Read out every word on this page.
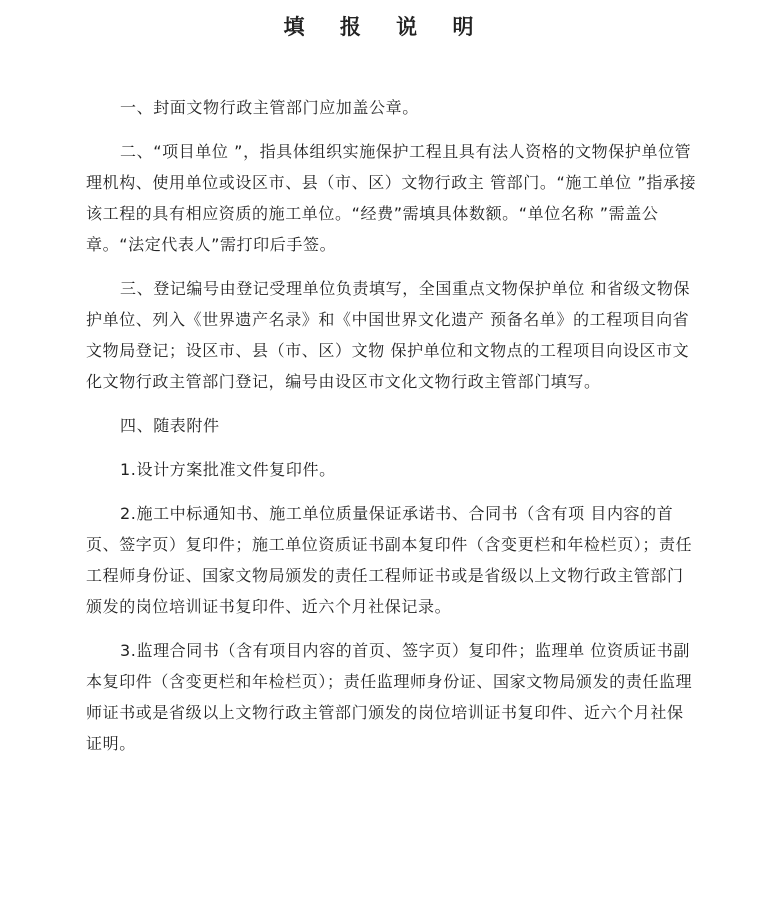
填 报 说 明

一、封面文物行政主管部门应加盖公章。

二、“项目单位 ”，指具体组织实施保护工程且具有法人资格的文物保护单位管理机构、使用单位或设区市、县（市、区）文物行政主 管部门。“施工单位 ”指承接该工程的具有相应资质的施工单位。“经费”需填具体数额。“单位名称 ”需盖公章。“法定代表人”需打印后手签。

三、登记编号由登记受理单位负责填写，全国重点文物保护单位 和省级文物保护单位、列入《世界遗产名录》和《中国世界文化遗产 预备名单》的工程项目向省文物局登记；设区市、县（市、区）文物 保护单位和文物点的工程项目向设区市文化文物行政主管部门登记，编号由设区市文化文物行政主管部门填写。

四、随表附件

1.设计方案批准文件复印件。

2.施工中标通知书、施工单位质量保证承诺书、合同书（含有项 目内容的首页、签字页）复印件；施工单位资质证书副本复印件（含变更栏和年检栏页）；责任工程师身份证、国家文物局颁发的责任工程师证书或是省级以上文物行政主管部门颁发的岗位培训证书复印件、近六个月社保记录。

3.监理合同书（含有项目内容的首页、签字页）复印件；监理单 位资质证书副本复印件（含变更栏和年检栏页）；责任监理师身份证、国家文物局颁发的责任监理师证书或是省级以上文物行政主管部门颁发的岗位培训证书复印件、近六个月社保证明。
